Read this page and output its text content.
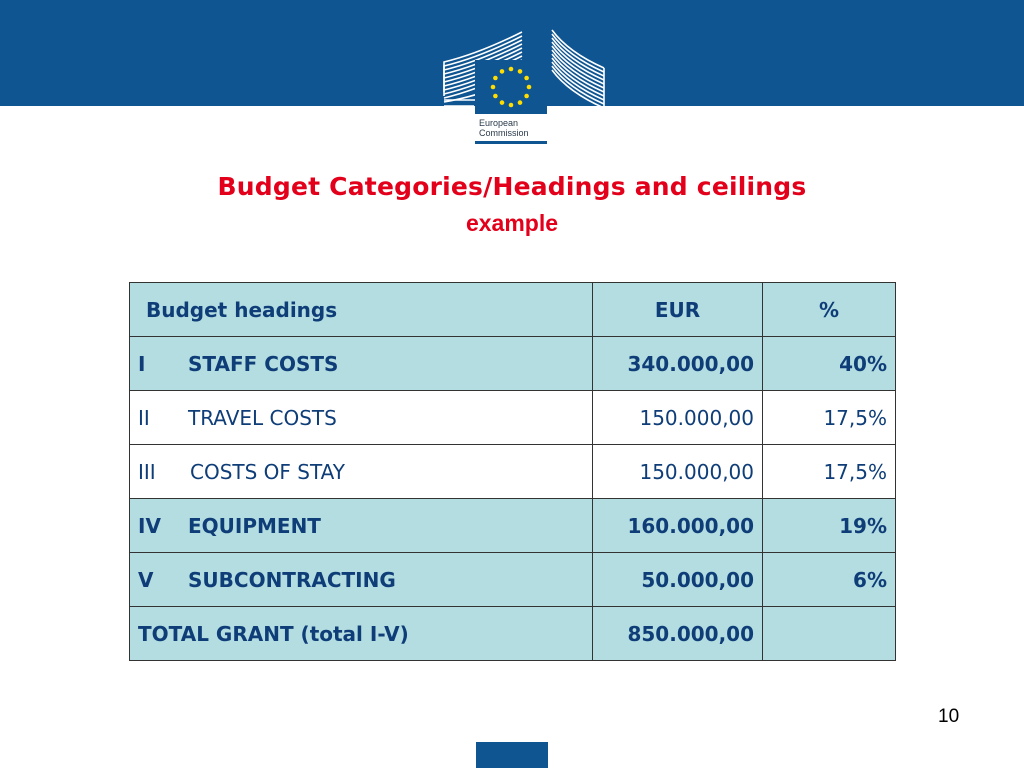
European
Commission
Budget Categories/Headings and ceilings
example
Budget headings	EUR	%
I STAFF COSTS	340.000,00	40%
II TRAVEL COSTS	150.000,00	17,5%
III COSTS OF STAY	150.000,00	17,5%
IV EQUIPMENT	160.000,00	19%
V SUBCONTRACTING	50.000,00	6%
TOTAL GRANT (total I-V)	850.000,00	
10
